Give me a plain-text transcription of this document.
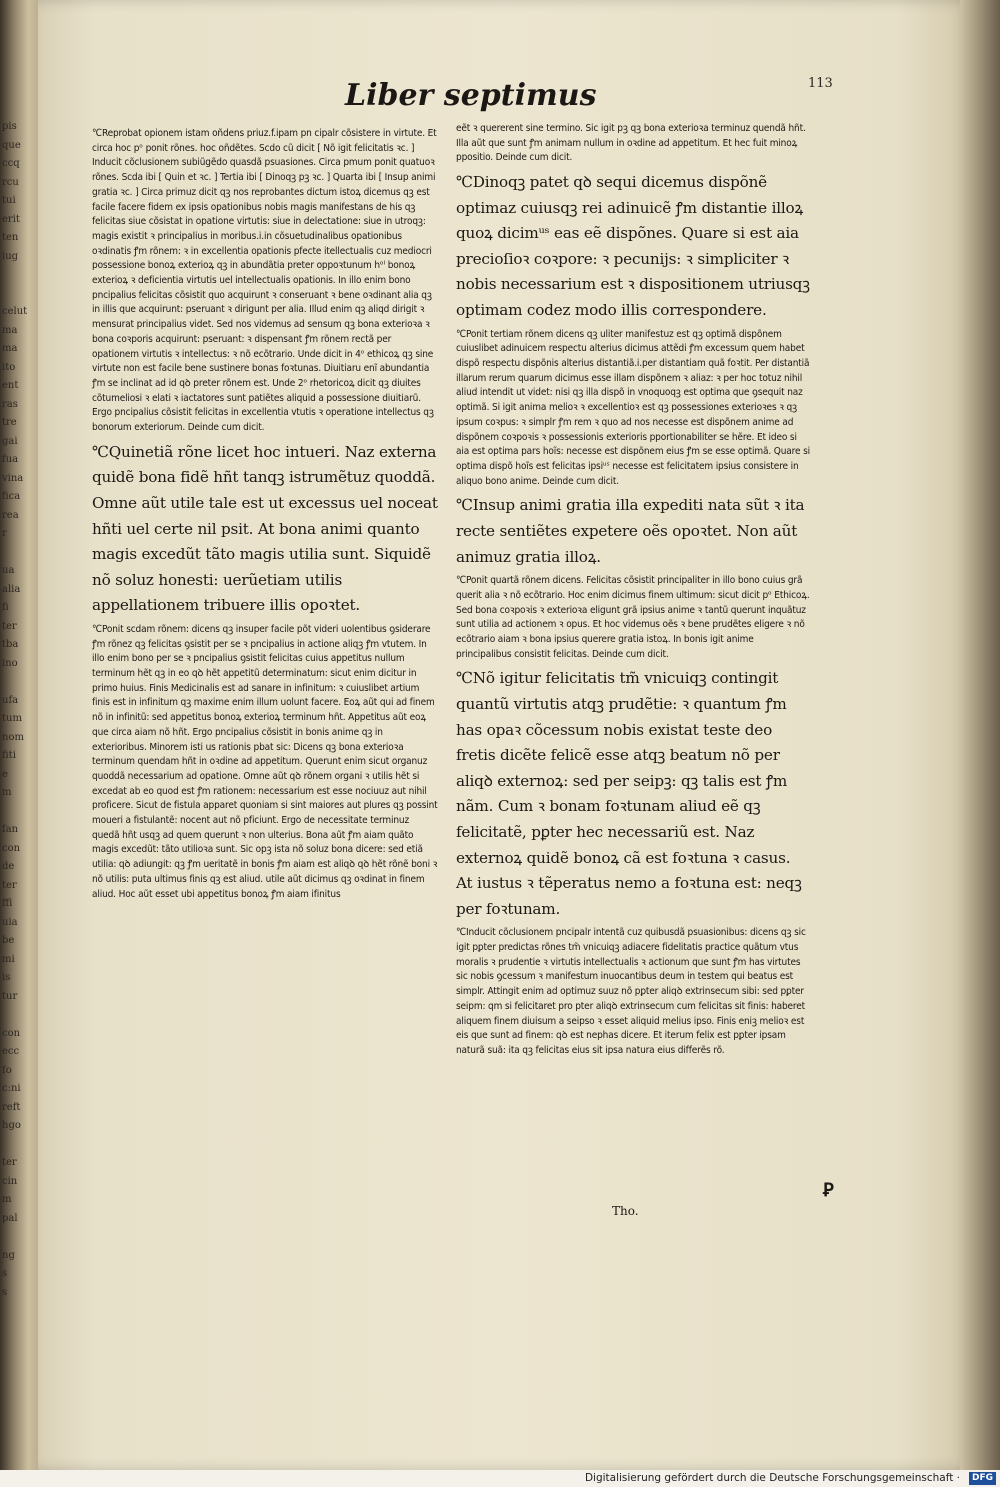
pis
que
ccq
rcu
tui
erit
ten
iug
celut
ma
ma
ito
ent
ras
tre
gai
fua
vina
fica
rea
r
ua
alia
fi
ter
tba
ino
ufa
tum
nom
fiti
e
m
fan
con
de
ter
ffi
uia
be
mi
is
tur
con
ecc
fo
c:ni
reft
hgo
ter
cin
m
pal
ng
s
s
Liber septimus	113

℃Reprobat opionem istam oñdens priuz.f.ipam pn cipalr cõsistere in virtute. Et circa hoc pᵒ ponit rõnes. hoc oñdẽtes. Scdo cũ dicit [ Nõ igit felicitatis ꝛc. ] Inducit cõclusionem subiũgẽdo quasdã psuasiones. Circa pmum ponit quatuoꝛ rõnes. Scda ibi [ Quin et ꝛc. ] Tertia ibi [ Dinoqꝫ pꝫ ꝛc. ] Quarta ibi [ Insup animi gratia ꝛc. ] Circa primuz dicit qꝫ nos reprobantes dictum istoꝝ dicemus qꝫ est facile facere fidem ex ipsis opationibus nobis magis manifestans de his qꝫ felicitas siue cõsistat in opatione virtutis: siue in delectatione: siue in utroqꝫ: magis existit ꝛ principalius in moribus.i.in cõsuetudinalibus opationibus oꝛdinatis ꝭm rõnem: ꝛ in excellentia opationis pfecte itellectualis cuz mediocri possessione bonoꝝ exterioꝝ qꝫ in abundãtia preter oppoꝛtunum hᵒᴵ bonoꝝ exterioꝝ ꝛ deficientia virtutis uel intellectualis opationis. In illo enim bono pncipalius felicitas cõsistit quo acquirunt ꝛ conseruant ꝛ bene oꝛdinant alia qꝫ in illis que acquirunt: pseruant ꝛ dirigunt per alia. Illud enim qꝫ aliqd dirigit ꝛ mensurat principalius videt. Sed nos videmus ad sensum qꝫ bona exterioꝛa ꝛ bona coꝛporis acquirunt: pseruant: ꝛ dispensant ꝭm rõnem rectã per opationem virtutis ꝛ intellectus: ꝛ nõ ecõtrario. Unde dicit in 4ᵒ ethicoꝝ qꝫ sine virtute non est facile bene sustinere bonas foꝛtunas. Diuitiaru enĩ abundantia ꝭm se inclinat ad id qꝺ preter rõnem est. Unde 2ᵒ rhetoricoꝝ dicit qꝫ diuites cõtumeliosi ꝛ elati ꝛ iactatores sunt patiẽtes aliquid a possessione diuitiarũ. Ergo pncipalius cõsistit felicitas in excellentia vtutis ꝛ operatione intellectus qꝫ bonorum exteriorum. Deinde cum dicit.

℃Quinetiã rõne licet hoc intueri. Naz externa quidẽ bona fidẽ hñt tanqꝫ istrumẽtuz quoddã. Omne aũt utile tale est ut excessus uel noceat hñti uel certe nil psit. At bona animi quanto magis excedũt tãto magis utilia sunt. Siquidẽ nõ soluz honesti: uerũetiam utilis appellationem tribuere illis opoꝛtet.

℃Ponit scdam rõnem: dicens qꝫ insuper facile põt videri uolentibus ꝯsiderare ꝭm rõnez qꝫ felicitas ꝯsistit per se ꝛ pncipalius in actione aliqꝫ ꝭm vtutem. In illo enim bono per se ꝛ pncipalius ꝯsistit felicitas cuius appetitus nullum terminum hẽt qꝫ in eo qꝺ hẽt appetitũ determinatum: sicut enim dicitur in primo huius. Finis Medicinalis est ad sanare in infinitum: ꝛ cuiuslibet artium finis est in infinitum qꝫ maxime enim illum uolunt facere. Eoꝝ aũt qui ad finem nõ in infinitũ: sed appetitus bonoꝝ exterioꝝ terminum hñt. Appetitus aũt eoꝝ que circa aiam nõ hñt. Ergo pncipalius cõsistit in bonis anime qꝫ in exterioribus. Minorem isti us rationis pbat sic: Dicens qꝫ bona exterioꝛa terminum quendam hñt in oꝛdine ad appetitum. Querunt enim sicut organuz quoddã necessarium ad opatione. Omne aũt qꝺ rõnem organi ꝛ utilis hẽt si excedat ab eo quod est ꝭm rationem: necessarium est esse nociuuz aut nihil proficere. Sicut de fistula apparet quoniam si sint maiores aut plures qꝫ possint moueri a fistulantẽ: nocent aut nõ pficiunt. Ergo de necessitate terminuz quedã hñt usqꝫ ad quem querunt ꝛ non ulterius. Bona aũt ꝭm aiam quãto magis excedũt: tãto utilioꝛa sunt. Sic opꝫ ista nõ soluz bona dicere: sed etiã utilia: qꝺ adiungit: qꝫ ꝭm ueritatẽ in bonis ꝭm aiam est aliqꝺ qꝺ hẽt rõnẽ boni ꝛ nõ utilis: puta ultimus finis qꝫ est aliud. utile aũt dicimus qꝫ oꝛdinat in finem aliud. Hoc aũt esset ubi appetitus bonoꝝ ꝭm aiam ifinitus

eẽt ꝛ quererent sine termino. Sic igit pꝫ qꝫ bona exterioꝛa terminuz quendã hñt. Illa aũt que sunt ꝭm animam nullum in oꝛdine ad appetitum. Et hec fuit minoꝝ ppositio. Deinde cum dicit.

℃Dinoqꝫ patet qꝺ sequi dicemus dispõnẽ optimaz cuiusqꝫ rei adinuicẽ ꝭm distantie illoꝝ quoꝝ dicimᵘˢ eas eẽ dispõnes. Quare si est aia precioſioꝛ coꝛpore: ꝛ pecunijs: ꝛ simpliciter ꝛ nobis necessarium est ꝛ dispositionem utriusqꝫ optimam codez modo illis correspondere.

℃Ponit tertiam rõnem dicens qꝫ uliter manifestuz est qꝫ optimã dispõnem cuiuslibet adinuicem respectu alterius dicimus attẽdi ꝭm excessum quem habet dispõ respectu dispõnis alterius distantiã.i.per distantiam quã foꝛtit. Per distantiã illarum rerum quarum dicimus esse illam dispõnem ꝛ aliaz: ꝛ per hoc totuz nihil aliud intendit ut videt: nisi qꝫ illa dispõ in vnoquoqꝫ est optima que ꝯsequit naz optimã. Si igit anima melioꝛ ꝛ excellentioꝛ est qꝫ possessiones exterioꝛes ꝛ qꝫ ipsum coꝛpus: ꝛ simplr ꝭm rem ꝛ quo ad nos necesse est dispõnem anime ad dispõnem coꝛpoꝛis ꝛ possessionis exterioris pportionabiliter se hẽre. Et ideo si aia est optima pars hoĩs: necesse est dispõnem eius ꝭm se esse optimã. Quare si optima dispõ hoĩs est felicitas ipsiᵘˢ necesse est felicitatem ipsius consistere in aliquo bono anime. Deinde cum dicit.

℃Insup animi gratia illa expediti nata sũt ꝛ ita recte sentiẽtes expetere oẽs opoꝛtet. Non aũt animuz gratia illoꝝ.

℃Ponit quartã rõnem dicens. Felicitas cõsistit principaliter in illo bono cuius grã querit alia ꝛ nõ ecõtrario. Hoc enim dicimus finem ultimum: sicut dicit pᵒ Ethicoꝝ. Sed bona coꝛpoꝛis ꝛ exterioꝛa eligunt grã ipsius anime ꝛ tantũ querunt inquãtuz sunt utilia ad actionem ꝛ opus. Et hoc videmus oẽs ꝛ bene prudẽtes eligere ꝛ nõ ecõtrario aiam ꝛ bona ipsius querere gratia istoꝝ. In bonis igit anime principalibus consistit felicitas. Deinde cum dicit.

℃Nõ igitur felicitatis tm̃ vnicuiqꝫ contingit quantũ virtutis atqꝫ prudẽtie: ꝛ quantum ꝭm has opaꝛ cõcessum nobis existat teste deo fretis dicẽte felicẽ esse atqꝫ beatum nõ per aliqꝺ externoꝝ: sed per seipꝫ: qꝫ talis est ꝭm nãm. Cum ꝛ bonam foꝛtunam aliud eẽ qꝫ felicitatẽ, pꝑter hec necessariũ est. Naz externoꝝ quidẽ bonoꝝ cã est foꝛtuna ꝛ casus. At iustus ꝛ tẽperatus nemo a foꝛtuna est: neqꝫ per foꝛtunam.

℃Inducit cõclusionem pncipalr intentã cuz quibusdã psuasionibus: dicens qꝫ sic igit pꝑter predictas rõnes tm̃ vnicuiqꝫ adiacere fidelitatis practice quãtum vtus moralis ꝛ prudentie ꝛ virtutis intellectualis ꝛ actionum que sunt ꝭm has virtutes sic nobis ꝯcessum ꝛ manifestum inuocantibus deum in testem qui beatus est simplr. Attingit enim ad optimuz suuz nõ pꝑter aliqꝺ extrinsecum sibi: sed pꝑter seipm: qm si felicitaret pro pter aliqꝺ extrinsecum cum felicitas sit finis: haberet aliquem finem diuisum a seipso ꝛ esset aliquid melius ipso. Finis eniꝫ melioꝛ est eis que sunt ad finem: qꝺ est nephas dicere. Et iterum felix est pꝑter ipsam naturã suã: ita qꝫ felicitas eius sit ipsa natura eius differẽs rõ.

Ꝑ
Tho.
Digitalisierung gefördert durch die Deutsche Forschungsgemeinschaft ·	DFG
